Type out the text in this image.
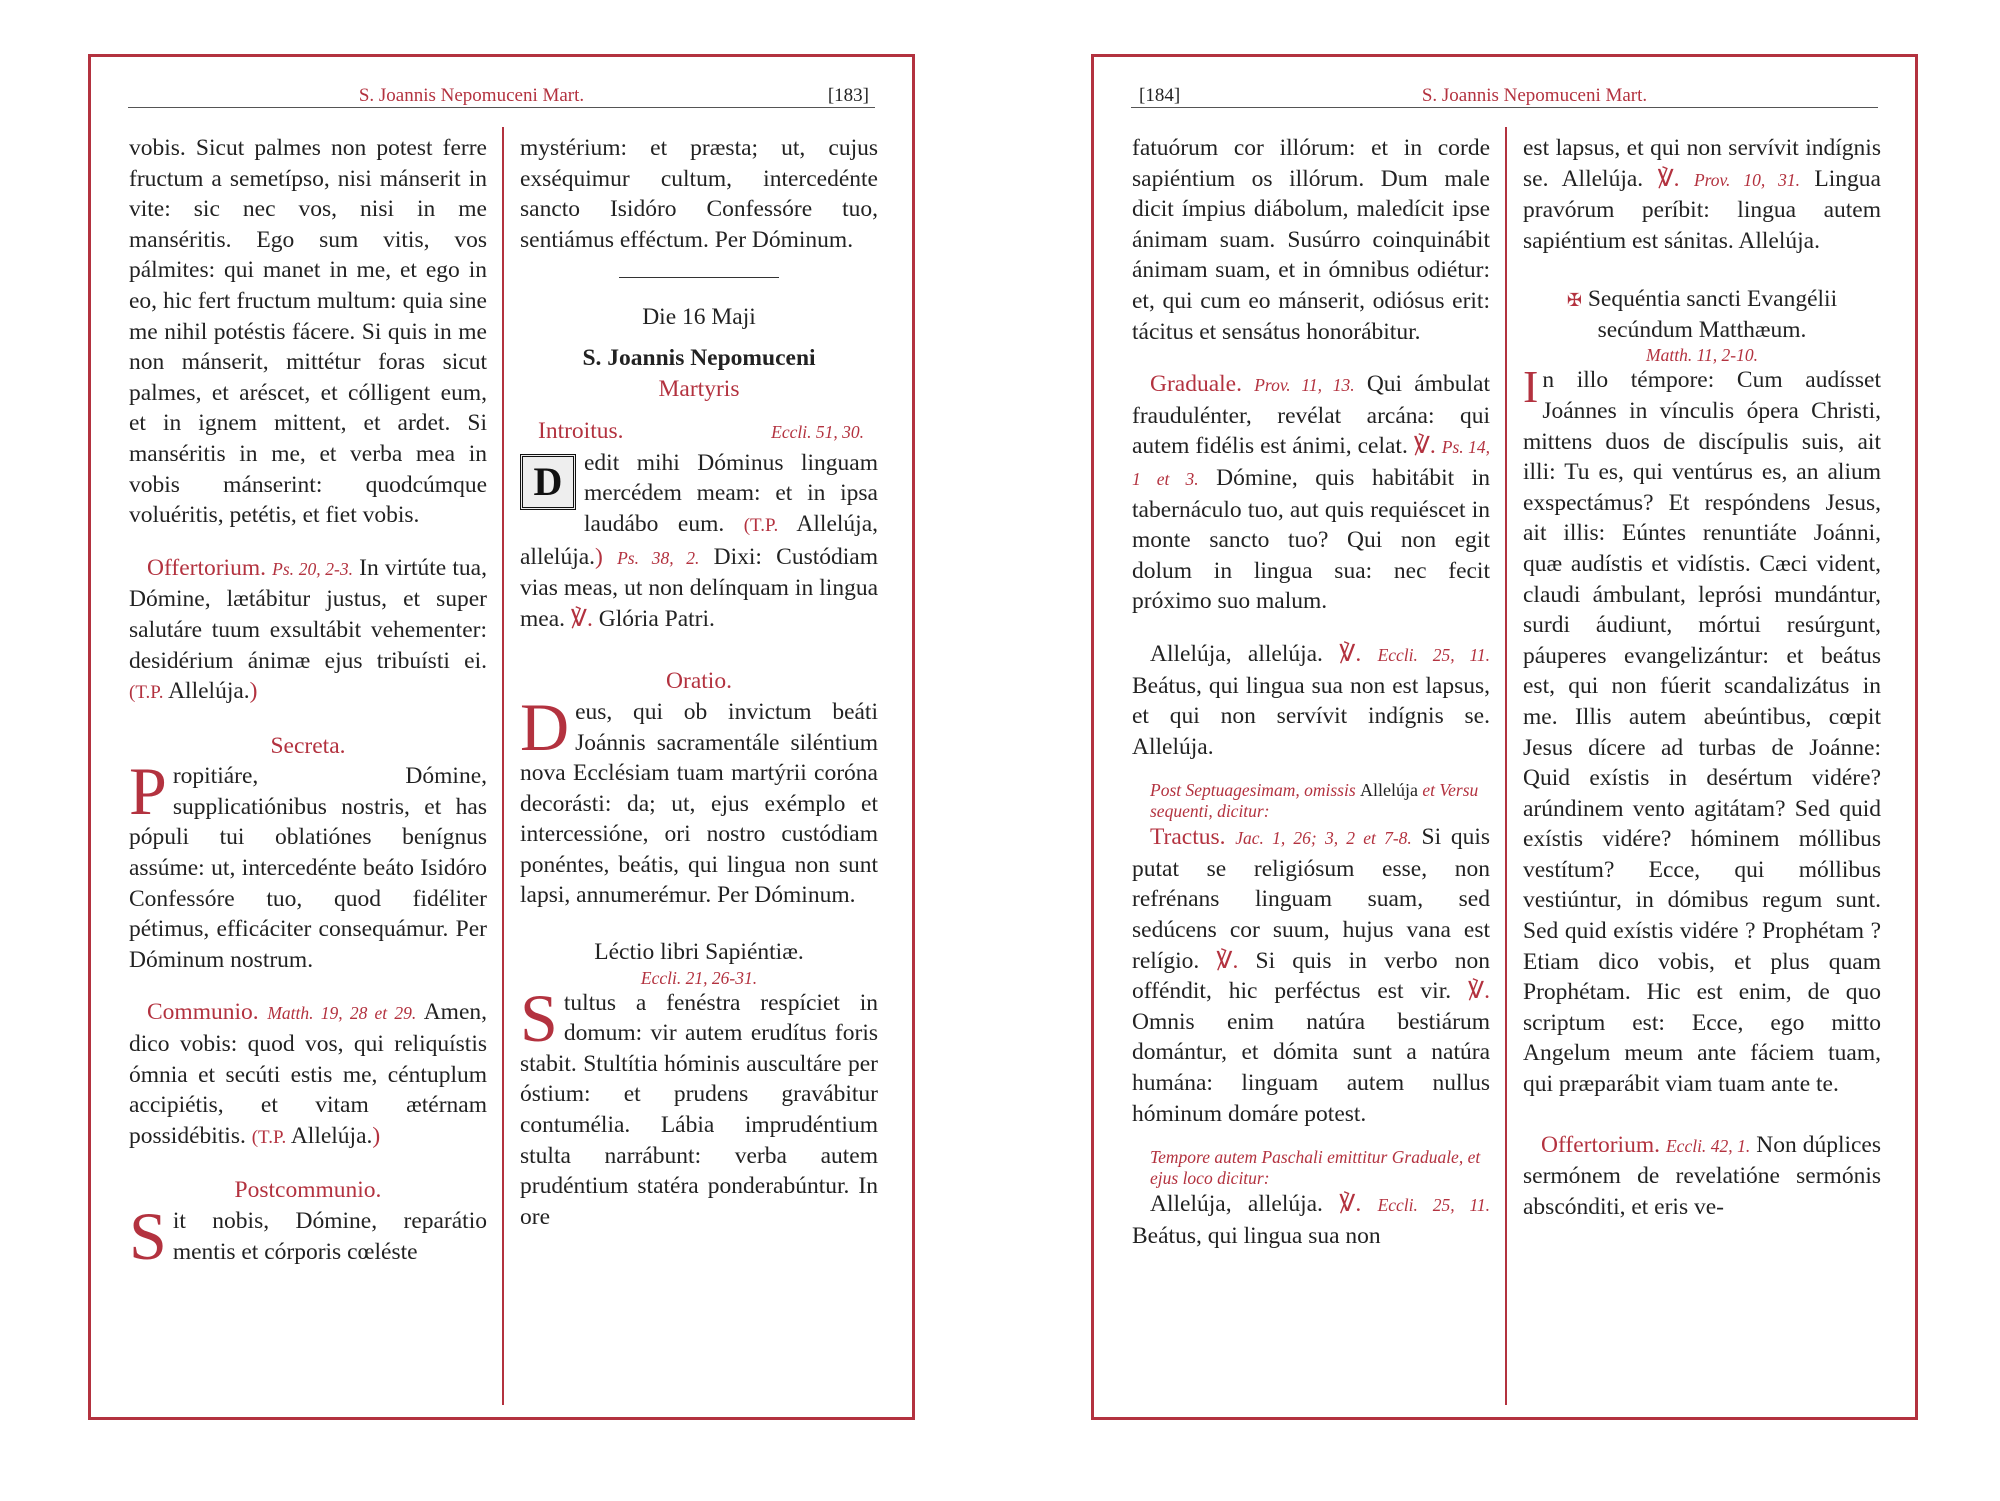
S. Joannis Nepomuceni Mart.	[183]

vobis. Sicut palmes non potest ferre fructum a semetípso, nisi mánserit in vite: sic nec vos, nisi in me manséritis. Ego sum vitis, vos pálmites: qui manet in me, et ego in eo, hic fert fructum multum: quia sine me nihil potéstis fácere. Si quis in me non mánserit, mittétur foras sicut palmes, et aréscet, et cólligent eum, et in ignem mittent, et ardet. Si manséritis in me, et verba mea in vobis mánserint: quodcúmque voluéritis, petétis, et fiet vobis.

Offertorium. Ps. 20, 2-3. In virtúte tua, Dómine, lætábitur justus, et super salutáre tuum exsultábit vehementer: desidérium ánimæ ejus tribuísti ei. (T.P. Allelúja.)

Secreta.

Propitiáre, Dómine, supplicatiónibus nostris, et has pópuli tui oblatiónes benígnus assúme: ut, intercedénte beáto Isidóro Confessóre tuo, quod fidéliter pétimus, efficáciter consequámur. Per Dóminum nostrum.

Communio. Matth. 19, 28 et 29. Amen, dico vobis: quod vos, qui reliquístis ómnia et secúti estis me, céntuplum accipiétis, et vitam ætérnam possidébitis. (T.P. Allelúja.)

Postcommunio.

Sit nobis, Dómine, reparátio mentis et córporis cœléste

mystérium: et præsta; ut, cujus exséquimur cultum, intercedénte sancto Isidóro Confessóre tuo, sentiámus efféctum. Per Dóminum.

Die 16 Maji

S. Joannis Nepomuceni

Martyris

Introitus.	Eccli. 51, 30.

D edit mihi Dóminus linguam mercédem meam: et in ipsa laudábo eum. (T.P. Allelúja, allelúja.) Ps. 38, 2. Dixi: Custódiam vias meas, ut non delínquam in lingua mea. ℣. Glória Patri.

Oratio.

Deus, qui ob invictum beáti Joánnis sacramentále siléntium nova Ecclésiam tuam martýrii coróna decorásti: da; ut, ejus exémplo et intercessióne, ori nostro custódiam ponéntes, beátis, qui lingua non sunt lapsi, annumerémur. Per Dóminum.

Léctio libri Sapiéntiæ.

Eccli. 21, 26-31.

Stultus a fenéstra respíciet in domum: vir autem erudítus foris stabit. Stultítia hóminis auscultáre per óstium: et prudens gravábitur contumélia. Lábia imprudéntium stulta narrábunt: verba autem prudéntium statéra ponderabúntur. In ore

[184]	S. Joannis Nepomuceni Mart.

fatuórum cor illórum: et in corde sapiéntium os illórum. Dum male dicit ímpius diábolum, maledícit ipse ánimam suam. Susúrro coinquinábit ánimam suam, et in ómnibus odiétur: et, qui cum eo mánserit, odiósus erit: tácitus et sensátus honorábitur.

Graduale. Prov. 11, 13. Qui ámbulat fraudulénter, revélat arcána: qui autem fidélis est ánimi, celat. ℣. Ps. 14, 1 et 3. Dómine, quis habitábit in tabernáculo tuo, aut quis requiéscet in monte sancto tuo? Qui non egit dolum in lingua sua: nec fecit próximo suo malum.

Allelúja, allelúja. ℣. Eccli. 25, 11. Beátus, qui lingua sua non est lapsus, et qui non servívit indígnis se. Allelúja.

Post Septuagesimam, omissis Allelúja et Versu sequenti, dicitur:

Tractus. Jac. 1, 26; 3, 2 et 7-8. Si quis putat se religiósum esse, non refrénans linguam suam, sed sedúcens cor suum, hujus vana est relígio. ℣. Si quis in verbo non offéndit, hic perféctus est vir. ℣. Omnis enim natúra bestiárum domántur, et dómita sunt a natúra humána: linguam autem nullus hóminum domáre potest.

Tempore autem Paschali emittitur Graduale, et ejus loco dicitur:

Allelúja, allelúja. ℣. Eccli. 25, 11. Beátus, qui lingua sua non

est lapsus, et qui non servívit indígnis se. Allelúja. ℣. Prov. 10, 31. Lingua pravórum períbit: lingua autem sapiéntium est sánitas. Allelúja.

✠ Sequéntia sancti Evangélii secúndum Matthæum.

Matth. 11, 2-10.

In illo témpore: Cum audísset Joánnes in vínculis ópera Christi, mittens duos de discípulis suis, ait illi: Tu es, qui ventúrus es, an alium exspectámus? Et respóndens Jesus, ait illis: Eúntes renuntiáte Joánni, quæ audístis et vidístis. Cæci vident, claudi ámbulant, leprósi mundántur, surdi áudiunt, mórtui resúrgunt, páuperes evangelizántur: et beátus est, qui non fúerit scandalizátus in me. Illis autem abeúntibus, cœpit Jesus dícere ad turbas de Joánne: Quid exístis in desértum vidére? arúndinem vento agitátam? Sed quid exístis vidére? hóminem móllibus vestítum? Ecce, qui móllibus vestiúntur, in dómibus regum sunt. Sed quid exístis vidére ? Prophétam ? Etiam dico vobis, et plus quam Prophétam. Hic est enim, de quo scriptum est: Ecce, ego mitto Angelum meum ante fáciem tuam, qui præparábit viam tuam ante te.

Offertorium. Eccli. 42, 1. Non dúplices sermónem de revelatióne sermónis abscónditi, et eris ve-
